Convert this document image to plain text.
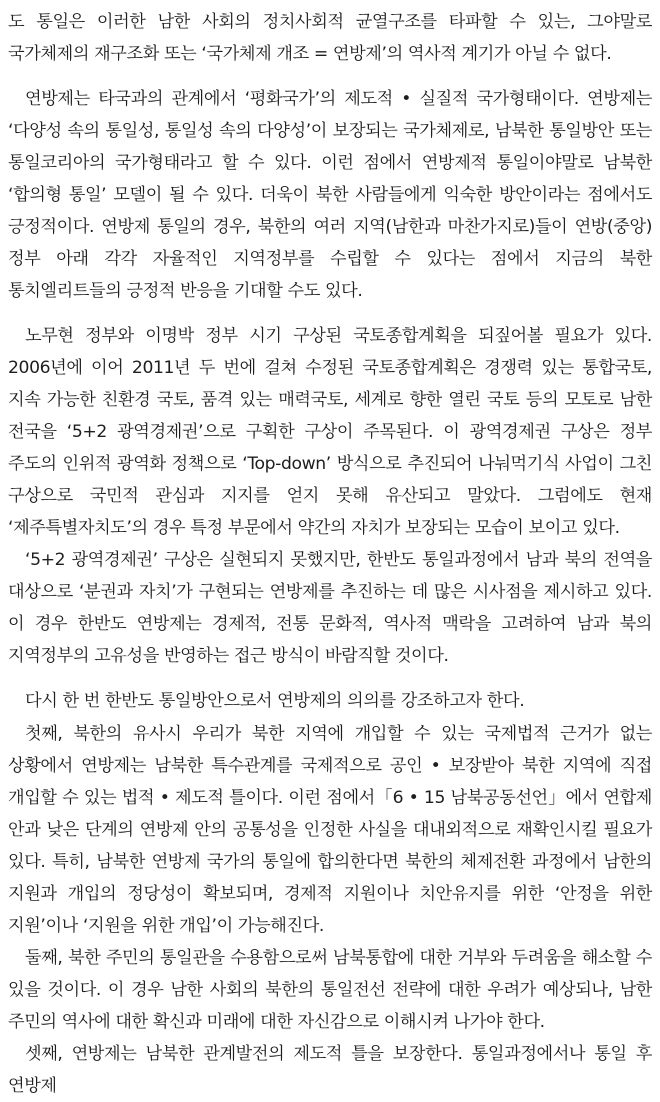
도 통일은 이러한 남한 사회의 정치사회적 균열구조를 타파할 수 있는, 그야말로 국가체제의 재구조화 또는 ‘국가체제 개조 = 연방제’의 역사적 계기가 아닐 수 없다.

연방제는 타국과의 관계에서 ‘평화국가’의 제도적 • 실질적 국가형태이다. 연방제는 ‘다양성 속의 통일성, 통일성 속의 다양성’이 보장되는 국가체제로, 남북한 통일방안 또는 통일코리아의 국가형태라고 할 수 있다. 이런 점에서 연방제적 통일이야말로 남북한 ‘합의형 통일’ 모델이 될 수 있다. 더욱이 북한 사람들에게 익숙한 방안이라는 점에서도 긍정적이다. 연방제 통일의 경우, 북한의 여러 지역(남한과 마찬가지로)들이 연방(중앙)정부 아래 각각 자율적인 지역정부를 수립할 수 있다는 점에서 지금의 북한 통치엘리트들의 긍정적 반응을 기대할 수도 있다.

노무현 정부와 이명박 정부 시기 구상된 국토종합계획을 되짚어볼 필요가 있다. 2006년에 이어 2011년 두 번에 걸쳐 수정된 국토종합계획은 경쟁력 있는 통합국토, 지속 가능한 친환경 국토, 품격 있는 매력국토, 세계로 향한 열린 국토 등의 모토로 남한 전국을 ‘5+2 광역경제권’으로 구획한 구상이 주목된다. 이 광역경제권 구상은 정부 주도의 인위적 광역화 정책으로 ‘Top-down’ 방식으로 추진되어 나눠먹기식 사업이 그친 구상으로 국민적 관심과 지지를 얻지 못해 유산되고 말았다. 그럼에도 현재 ‘제주특별자치도’의 경우 특정 부문에서 약간의 자치가 보장되는 모습이 보이고 있다.

‘5+2 광역경제권’ 구상은 실현되지 못했지만, 한반도 통일과정에서 남과 북의 전역을 대상으로 ‘분권과 자치’가 구현되는 연방제를 추진하는 데 많은 시사점을 제시하고 있다. 이 경우 한반도 연방제는 경제적, 전통 문화적, 역사적 맥락을 고려하여 남과 북의 지역정부의 고유성을 반영하는 접근 방식이 바람직할 것이다.

다시 한 번 한반도 통일방안으로서 연방제의 의의를 강조하고자 한다.

첫째, 북한의 유사시 우리가 북한 지역에 개입할 수 있는 국제법적 근거가 없는 상황에서 연방제는 남북한 특수관계를 국제적으로 공인 • 보장받아 북한 지역에 직접 개입할 수 있는 법적 • 제도적 틀이다. 이런 점에서「6 • 15 남북공동선언」에서 연합제 안과 낮은 단계의 연방제 안의 공통성을 인정한 사실을 대내외적으로 재확인시킬 필요가 있다. 특히, 남북한 연방제 국가의 통일에 합의한다면 북한의 체제전환 과정에서 남한의 지원과 개입의 정당성이 확보되며, 경제적 지원이나 치안유지를 위한 ‘안정을 위한 지원’이나 ‘지원을 위한 개입’이 가능해진다.

둘째, 북한 주민의 통일관을 수용함으로써 남북통합에 대한 거부와 두려움을 해소할 수 있을 것이다. 이 경우 남한 사회의 북한의 통일전선 전략에 대한 우려가 예상되나, 남한 주민의 역사에 대한 확신과 미래에 대한 자신감으로 이해시켜 나가야 한다.

셋째, 연방제는 남북한 관계발전의 제도적 틀을 보장한다. 통일과정에서나 통일 후 연방제
